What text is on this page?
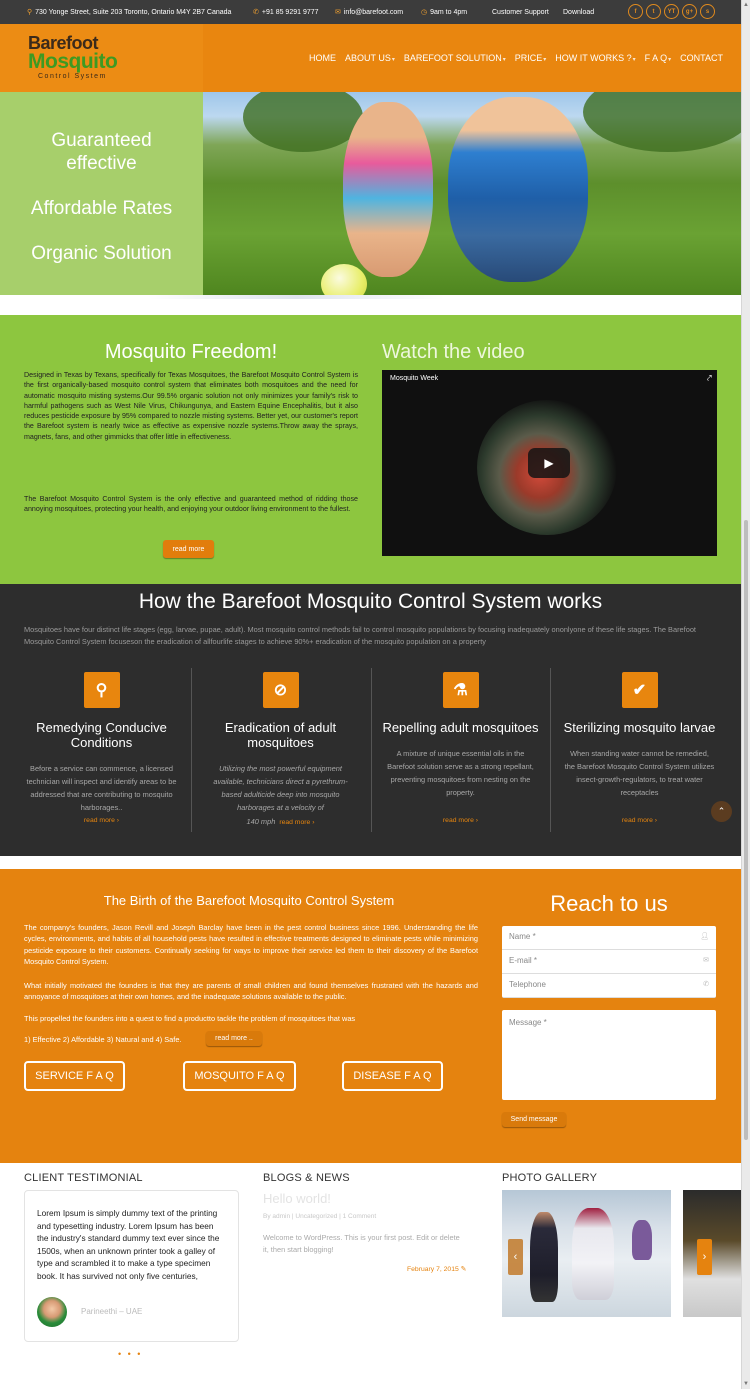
⚲ 730 Yonge Street, Suite 203 Toronto, Ontario M4Y 2B7 Canada	✆ +91 85 9291 9777 ✉ info@barefoot.com	◷ 9am to 4pm	Customer Support Download	f	t	YT	g+	s
Barefoot
Mosquito
Control System
HOME ABOUT US▾ BAREFOOT SOLUTION▾ PRICE▾ HOW IT WORKS ?▾ F A Q▾ CONTACT
Guaranteed effective
Affordable Rates
Organic Solution
Mosquito Freedom!

Designed in Texas by Texans, specifically for Texas Mosquitoes, the Barefoot Mosquito Control System is the first organically-based mosquito control system that eliminates both mosquitoes and the need for automatic mosquito misting systems.Our 99.5% organic solution not only minimizes your family's risk to harmful pathogens such as West Nile Virus, Chikungunya, and Eastern Equine Encephalitis, but it also reduces pesticide exposure by 95% compared to nozzle misting systems. Better yet, our customer's report the Barefoot system is nearly twice as effective as expensive nozzle systems.Throw away the sprays, magnets, fans, and other gimmicks that offer little in effectiveness.

The Barefoot Mosquito Control System is the only effective and guaranteed method of ridding those annoying mosquitoes, protecting your health, and enjoying your outdoor living environment to the fullest.

read more
Watch the video
Mosquito Week	⤤
▶
How the Barefoot Mosquito Control System works
Mosquitoes have four distinct life stages (egg, larvae, pupae, adult). Most mosquito control methods fail to control mosquito populations by focusing inadequately ononlyone of these life stages. The Barefoot Mosquito Control System focuseson the eradication of allfourlife stages to achieve 90%+ eradication of the mosquito population on a property
⚲
Remedying Conducive Conditions

Before a service can commence, a licensed technician will inspect and identify areas to be addressed that are contributing to mosquito harborages..

read more ›
⊘
Eradication of adult mosquitoes

Utilizing the most powerful equipment available, technicians direct a pyrethrum-based adulticide deep into mosquito harborages at a velocity of

140 mph read more ›
⚗
Repelling adult mosquitoes

A mixture of unique essential oils in the Barefoot solution serve as a strong repellant, preventing mosquitoes from nesting on the property.

read more ›
✔
Sterilizing mosquito larvae

When standing water cannot be remedied, the Barefoot Mosquito Control System utilizes insect-growth-regulators, to treat water receptacles

read more ›
⌃
The Birth of the Barefoot Mosquito Control System

The company's founders, Jason Revill and Joseph Barclay have been in the pest control business since 1996. Understanding the life cycles, environments, and habits of all household pests have resulted in effective treatments designed to eliminate pests while minimizing pesticide exposure to their customers. Continually seeking for ways to improve their service led them to their discovery of the Barefoot Mosquito Control System.

What initially motivated the founders is that they are parents of small children and found themselves frustrated with the hazards and annoyance of mosquitoes at their own homes, and the inadequate solutions available to the public.

This propelled the founders into a quest to find a productto tackle the problem of mosquitoes that was

1) Effective 2) Affordable 3) Natural and 4) Safe.	read more ..
SERVICE F A Q	MOSQUITO F A Q	DISEASE F A Q
Reach to us
Name *	👤︎
E-mail *	✉
Telephone	✆
Message *
Send message
CLIENT TESTIMONIAL
Lorem Ipsum is simply dummy text of the printing and typesetting industry. Lorem Ipsum has been the industry's standard dummy text ever since the 1500s, when an unknown printer took a galley of type and scrambled it to make a type specimen book. It has survived not only five centuries,
Parineethi – UAE
• • •
BLOGS & NEWS
Hello world!
By admin | Uncategorized | 1 Comment
Welcome to WordPress. This is your first post. Edit or delete it, then start blogging!
February 7, 2015 ✎
PHOTO GALLERY
‹	›
▲
▼
